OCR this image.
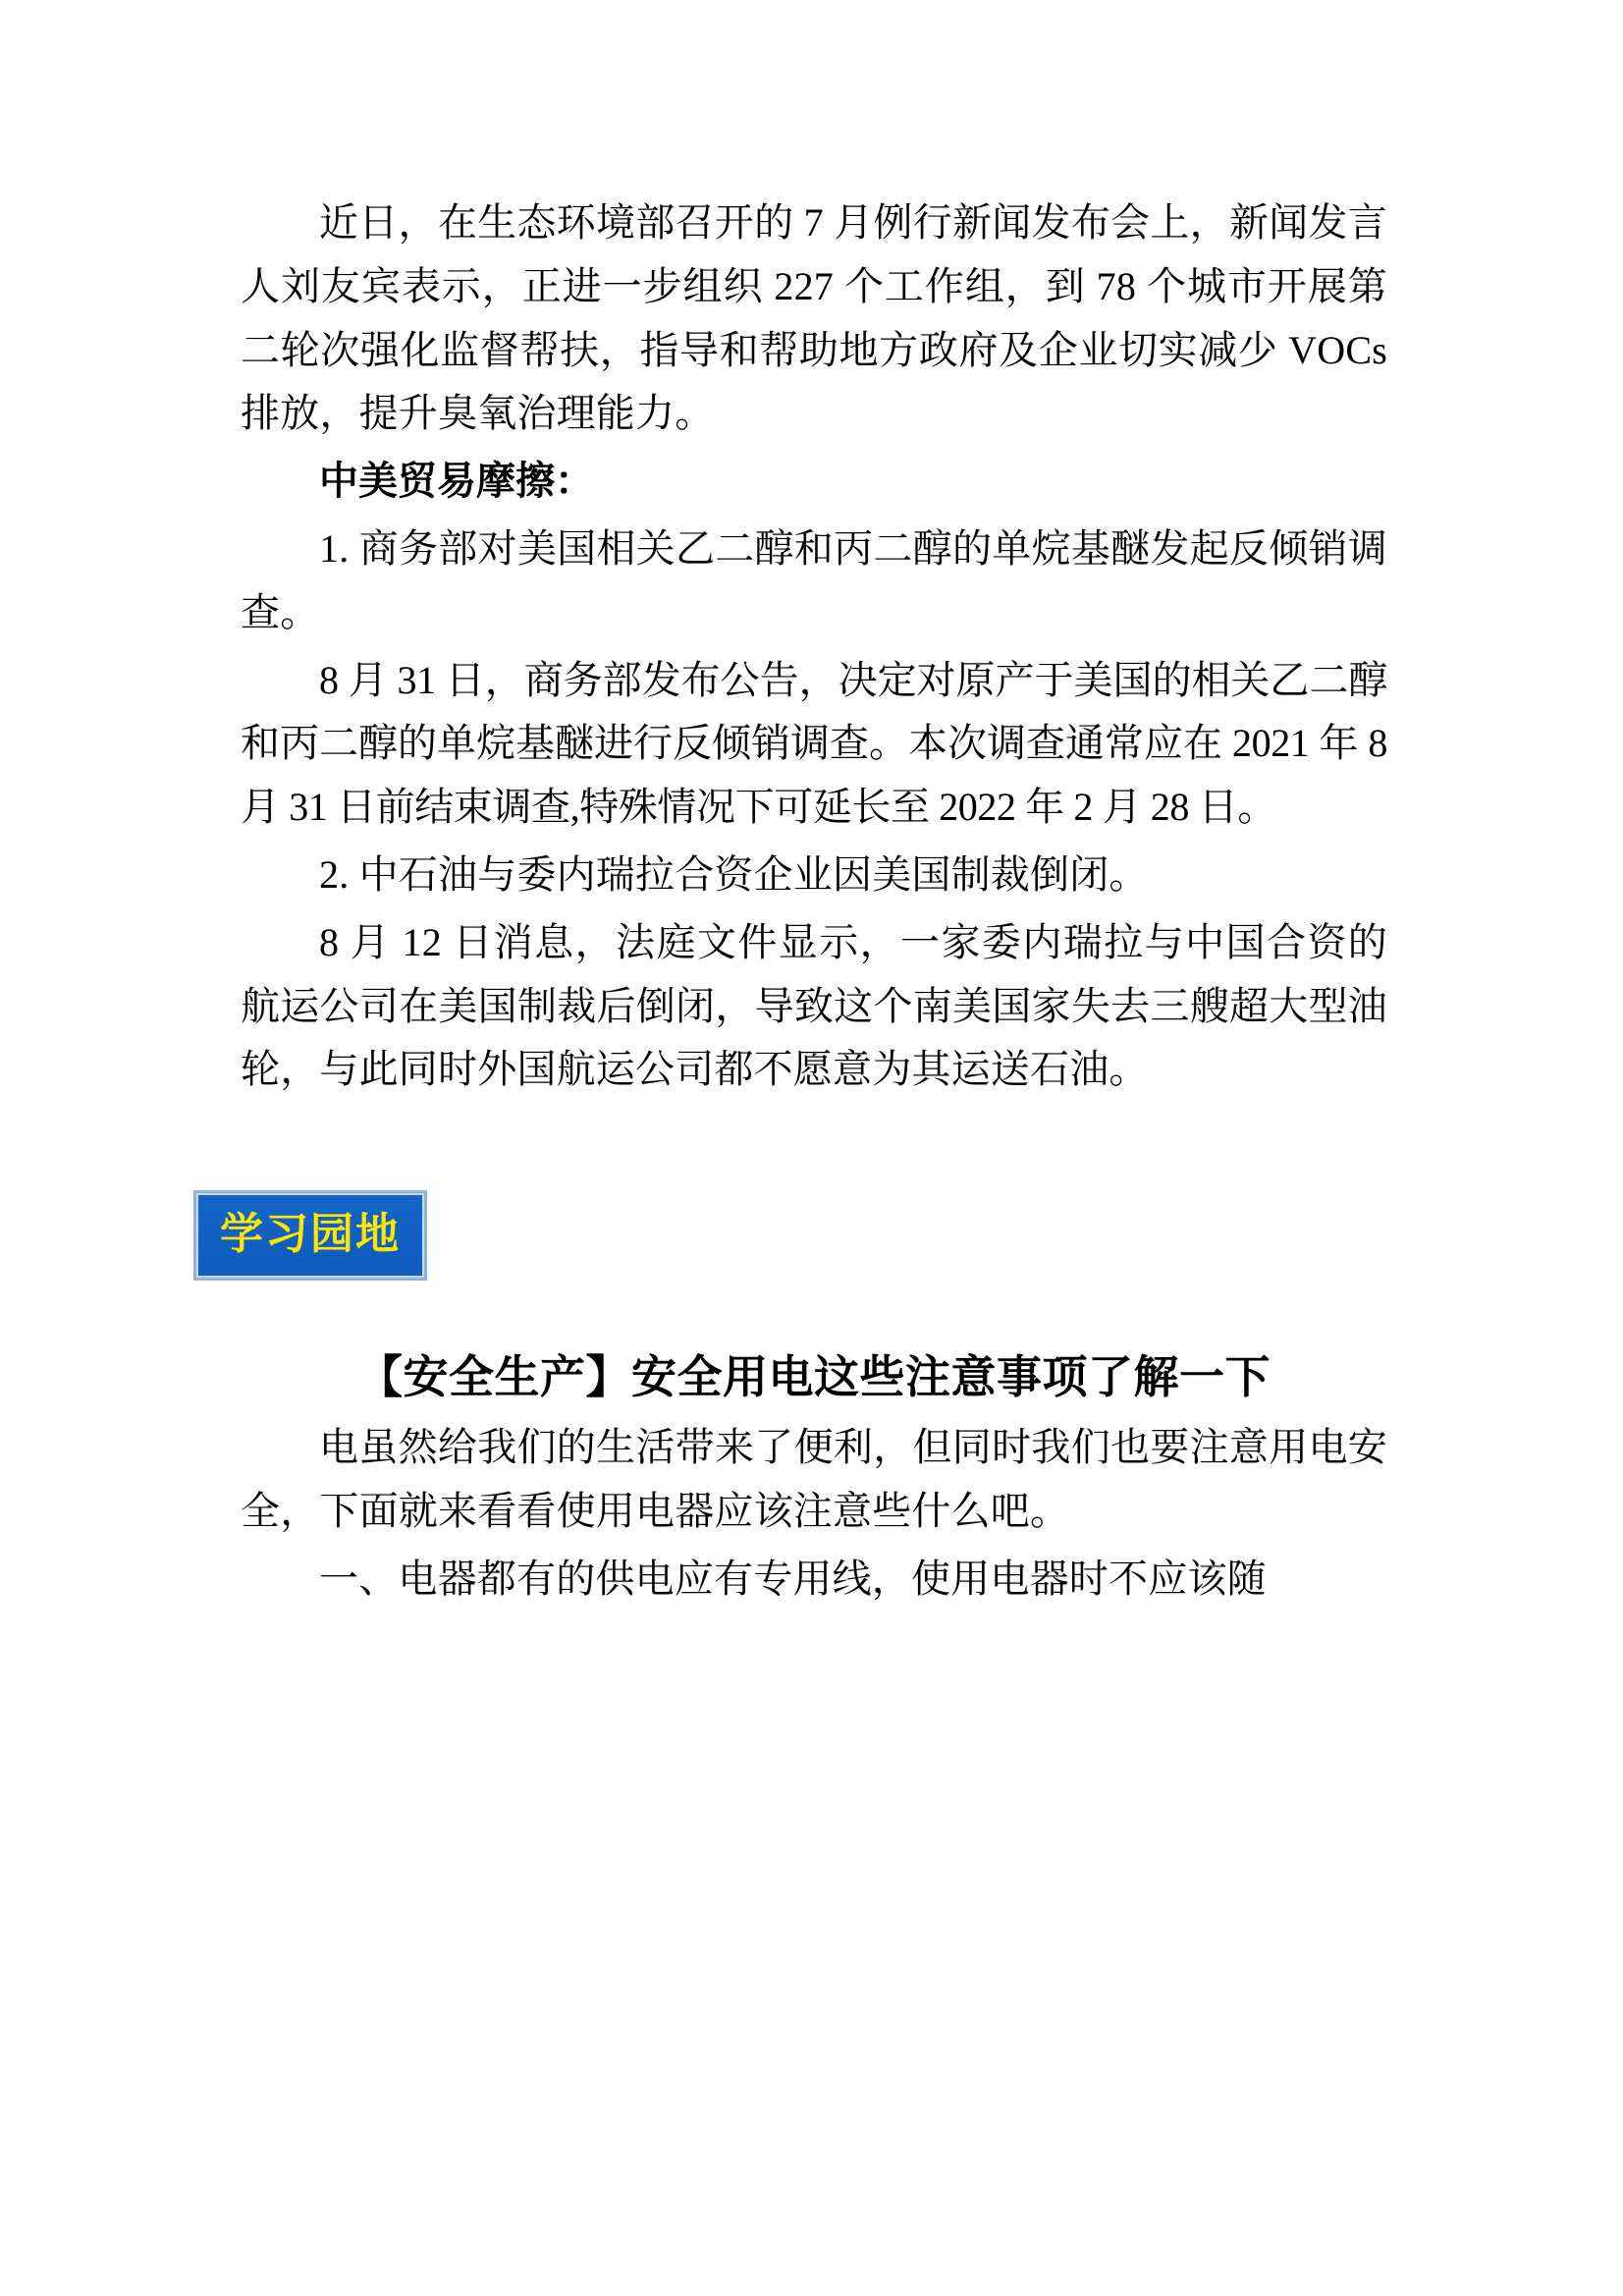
近日，在生态环境部召开的 7 月例行新闻发布会上，新闻发言人刘友宾表示，正进一步组织 227 个工作组，到 78 个城市开展第二轮次强化监督帮扶，指导和帮助地方政府及企业切实减少 VOCs 排放，提升臭氧治理能力。

中美贸易摩擦：

1. 商务部对美国相关乙二醇和丙二醇的单烷基醚发起反倾销调查。

8 月 31 日，商务部发布公告，决定对原产于美国的相关乙二醇和丙二醇的单烷基醚进行反倾销调查。本次调查通常应在 2021 年 8 月 31 日前结束调查,特殊情况下可延长至 2022 年 2 月 28 日。

2. 中石油与委内瑞拉合资企业因美国制裁倒闭。

8 月 12 日消息，法庭文件显示，一家委内瑞拉与中国合资的航运公司在美国制裁后倒闭，导致这个南美国家失去三艘超大型油轮，与此同时外国航运公司都不愿意为其运送石油。

学习园地
【安全生产】安全用电这些注意事项了解一下

电虽然给我们的生活带来了便利，但同时我们也要注意用电安全，下面就来看看使用电器应该注意些什么吧。

一、电器都有的供电应有专用线，使用电器时不应该随
